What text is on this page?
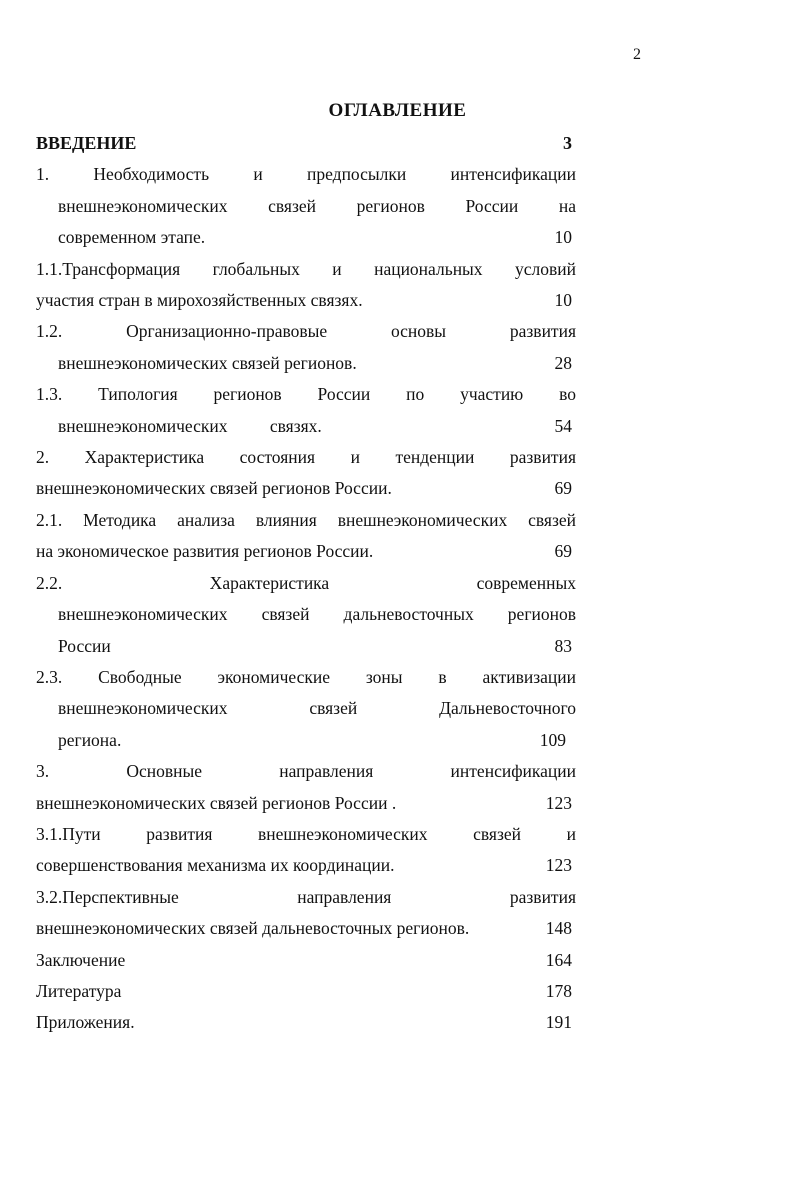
2
ОГЛАВЛЕНИЕ
ВВЕДЕНИЕ	3
1. Необходимость и предпосылки интенсификации
внешнеэкономических связей регионов России на
современном этапе.	10
1.1.Трансформация глобальных и национальных условий
участия стран в мирохозяйственных связях.	10
1.2. Организационно-правовые основы развития
внешнеэкономических связей регионов.	28
1.3. Типология регионов России по участию во
внешнеэкономических связях.	54
2. Характеристика состояния и тенденции развития
внешнеэкономических связей регионов России.	69
2.1. Методика анализа влияния внешнеэкономических связей
на экономическое развития регионов России.	69
2.2. Характеристика современных
внешнеэкономических связей дальневосточных регионов
России	83
2.3. Свободные экономические зоны в активизации
внешнеэкономических связей Дальневосточного
региона.	109
3. Основные направления интенсификации
внешнеэкономических связей регионов России .	123
3.1.Пути развития внешнеэкономических связей и
совершенствования механизма их координации.	123
3.2.Перспективные направления развития
внешнеэкономических связей дальневосточных регионов.	148
Заключение	164
Литература	178
Приложения.	191
